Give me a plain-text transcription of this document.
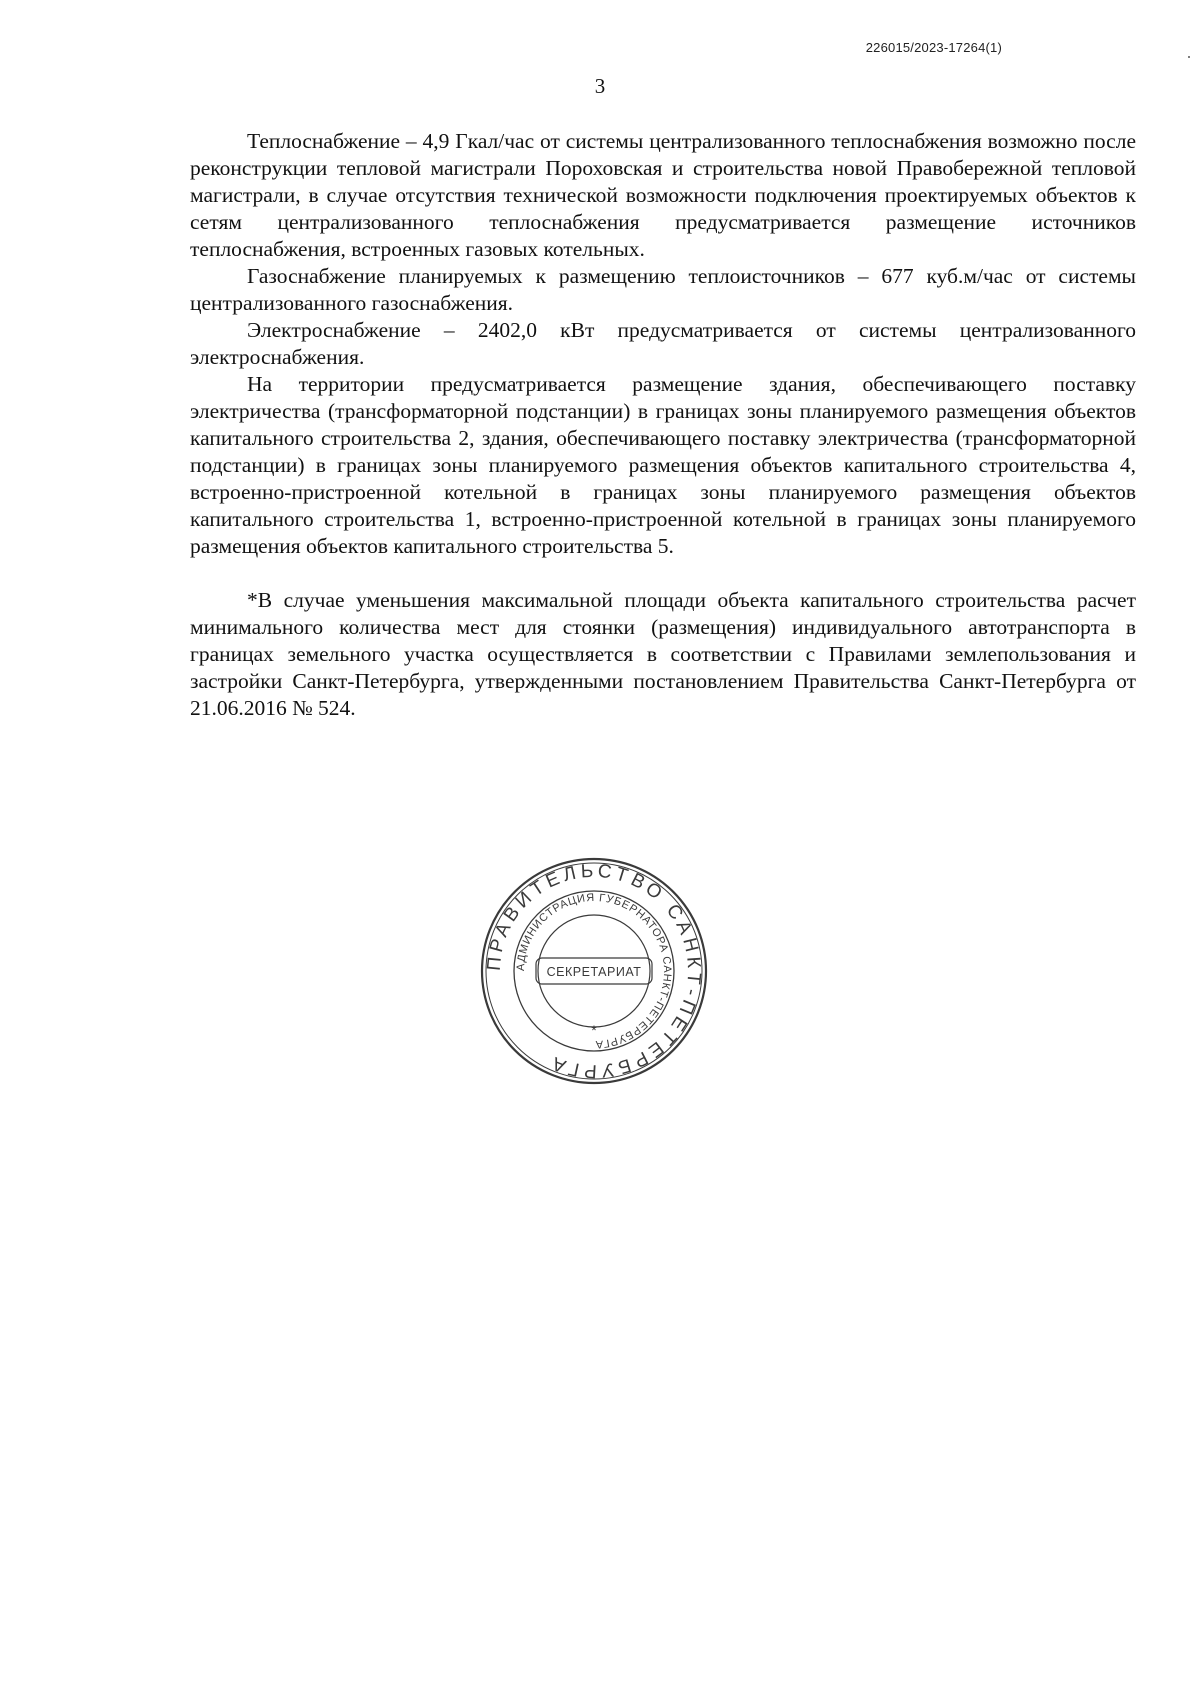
226015/2023-17264(1)
3

Теплоснабжение – 4,9 Гкал/час от системы централизованного теплоснабжения возможно после реконструкции тепловой магистрали Пороховская и строительства новой Правобережной тепловой магистрали, в случае отсутствия технической возможности подключения проектируемых объектов к сетям централизованного теплоснабжения предусматривается размещение источников теплоснабжения, встроенных газовых котельных.

Газоснабжение планируемых к размещению теплоисточников – 677 куб.м/час от системы централизованного газоснабжения.

Электроснабжение – 2402,0 кВт предусматривается от системы централизованного электроснабжения.

На территории предусматривается размещение здания, обеспечивающего поставку электричества (трансформаторной подстанции) в границах зоны планируемого размещения объектов капитального строительства 2, здания, обеспечивающего поставку электричества (трансформаторной подстанции) в границах зоны планируемого размещения объектов капитального строительства 4, встроенно-пристроенной котельной в границах зоны планируемого размещения объектов капитального строительства 1, встроенно-пристроенной котельной в границах зоны планируемого размещения объектов капитального строительства 5.

*В случае уменьшения максимальной площади объекта капитального строительства расчет минимального количества мест для стоянки (размещения) индивидуального автотранспорта в границах земельного участка осуществляется в соответствии с Правилами землепользования и застройки Санкт-Петербурга, утвержденными постановлением Правительства Санкт-Петербурга от 21.06.2016 № 524.

ПРАВИТЕЛЬСТВО САНКТ-ПЕТЕРБУРГА
АДМИНИСТРАЦИЯ ГУБЕРНАТОРА САНКТ-ПЕТЕРБУРГА
СЕКРЕТАРИАТ
*
